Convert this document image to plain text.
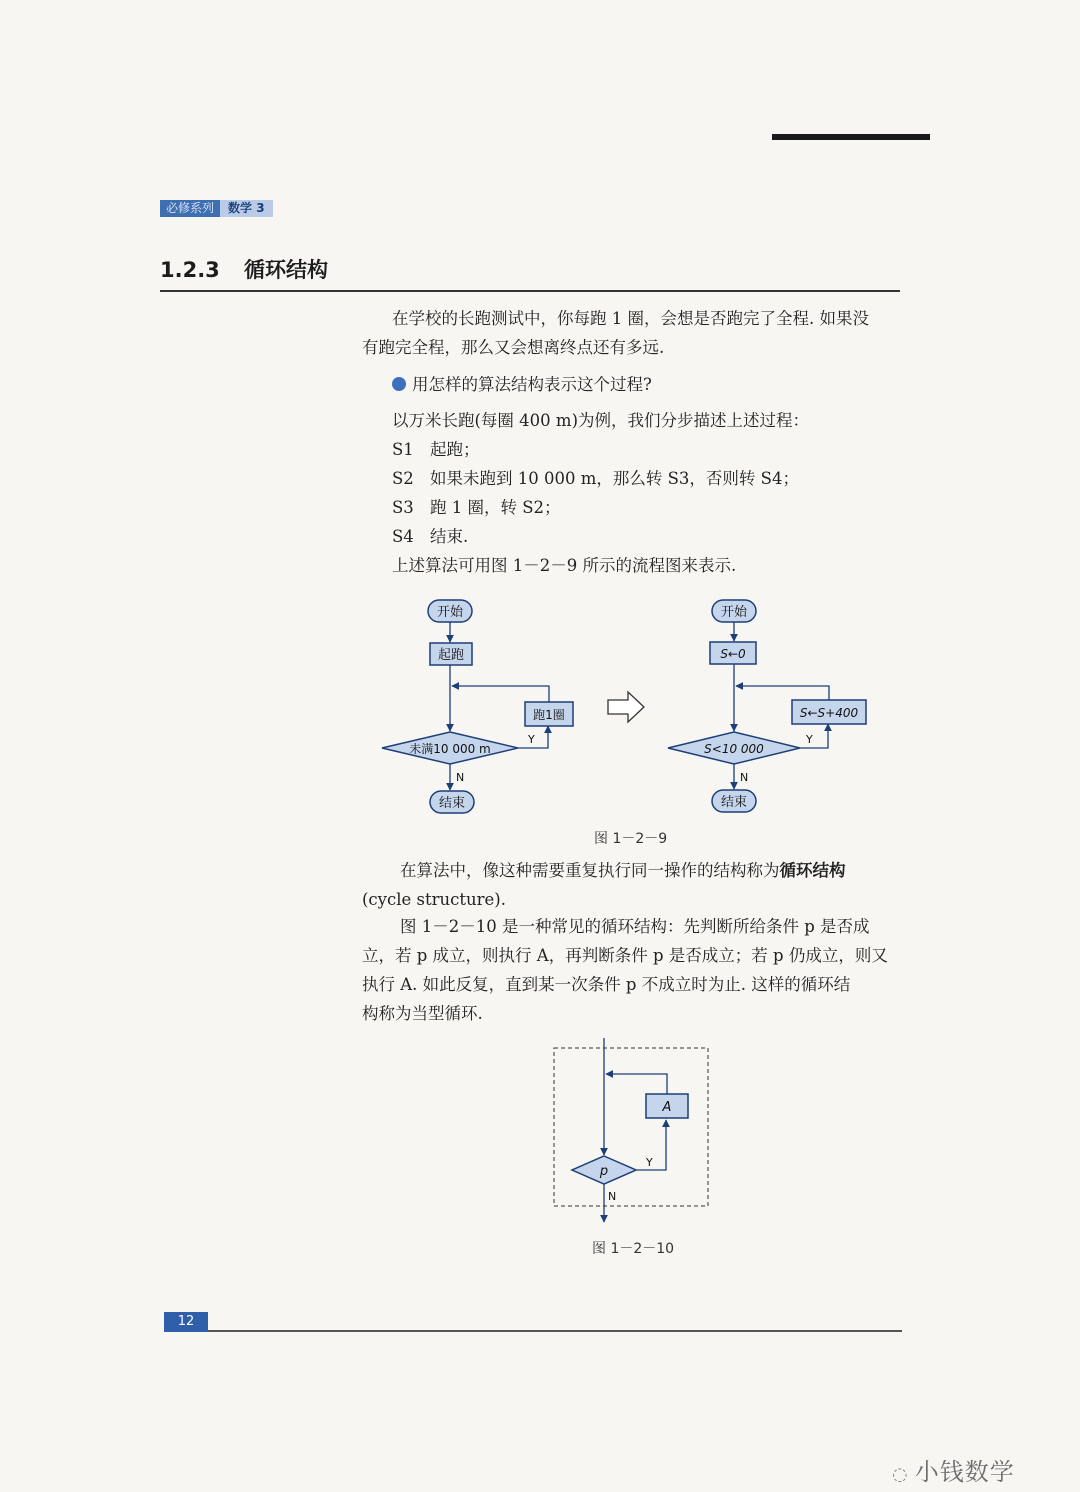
必修系列	数学 3
1.2.3 循环结构
在学校的长跑测试中，你每跑 1 圈，会想是否跑完了全程. 如果没
有跑完全程，那么又会想离终点还有多远.
用怎样的算法结构表示这个过程?
以万米长跑(每圈 400 m)为例，我们分步描述上述过程：
S1 起跑；
S2 如果未跑到 10 000 m，那么转 S3，否则转 S4；
S3 跑 1 圈，转 S2；
S4 结束.
上述算法可用图 1－2－9 所示的流程图来表示.
开始
起跑
未满10 000 m
Y
跑1圈
N
结束
开始
S←0
S<10 000
Y
S←S+400
N
结束
图 1－2－9
在算法中，像这种需要重复执行同一操作的结构称为循环结构
(cycle structure).
图 1－2－10 是一种常见的循环结构：先判断所给条件 p 是否成
立，若 p 成立，则执行 A，再判断条件 p 是否成立；若 p 仍成立，则又
执行 A. 如此反复，直到某一次条件 p 不成立时为止. 这样的循环结
构称为当型循环.
p
Y
A
N
图 1－2－10
12
◌ 小钱数学
